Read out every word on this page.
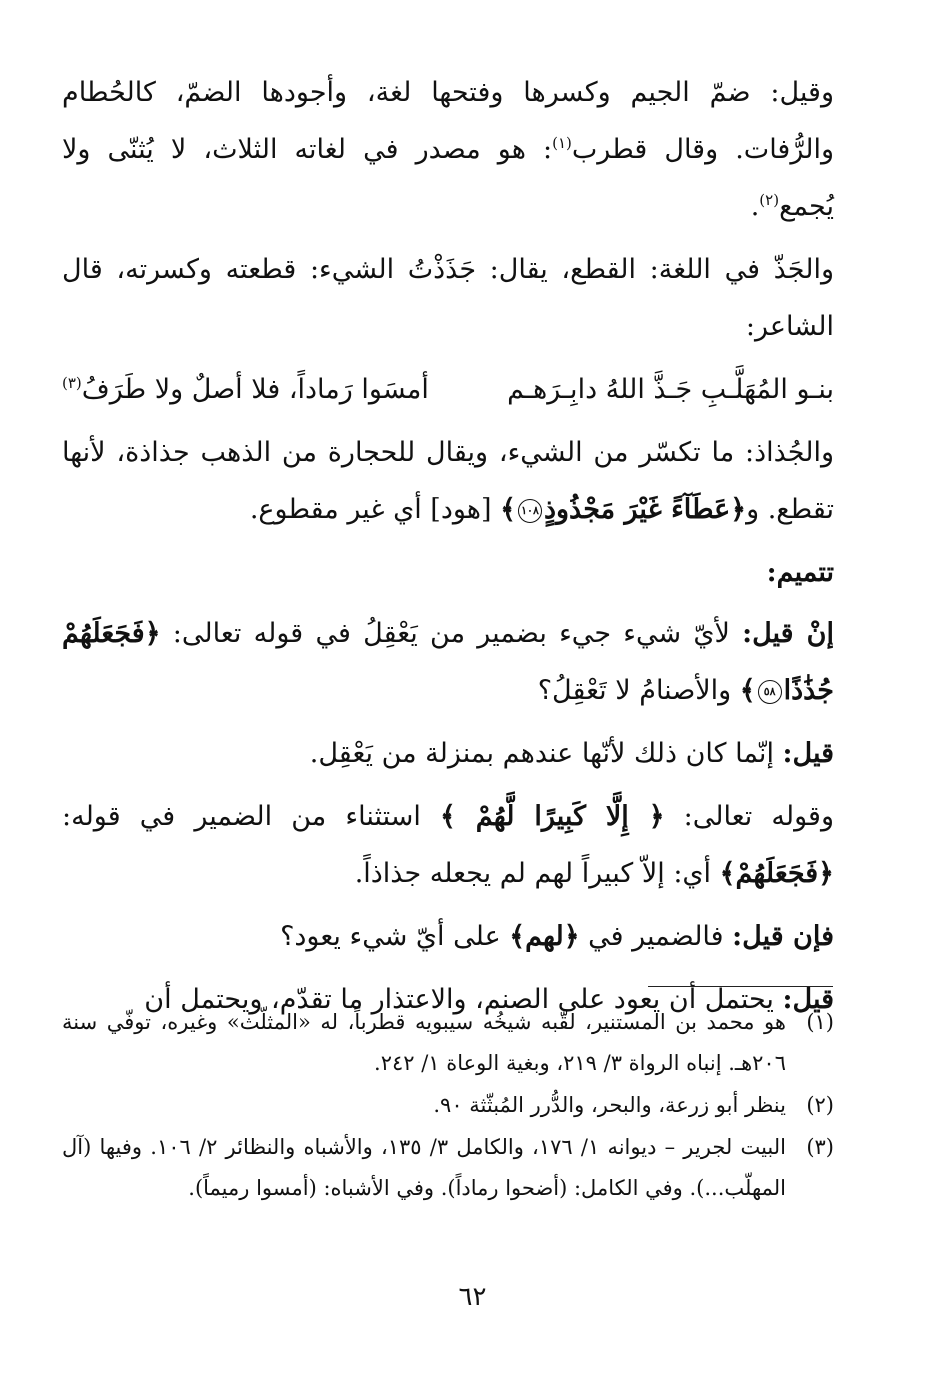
وقيل: ضمّ الجيم وكسرها وفتحها لغة، وأجودها الضمّ، كالحُطام والرُّفات. وقال قطرب$^{(١)}$: هو مصدر في لغاته الثلاث، لا يُثنّى ولا يُجمع$^{(٢)}$.

والجَذّ في اللغة: القطع، يقال: جَذَذْتُ الشيء: قطعته وكسرته، قال الشاعر:

بنـو المُهَلَّـبِ جَـذَّ اللهُ دابِـرَهـم
أمسَوا رَماداً، فلا أصلٌ ولا طَرَفُ$^{(٣)}$

والجُذاذ: ما تكسّر من الشيء، ويقال للحجارة من الذهب جذاذة، لأنها تقطع. و﴿عَطَآءً غَيْرَ مَجْذُوذٍ١٠٨﴾ [هود] أي غير مقطوع.

تتميم:

إنْ قيل: لأيّ شيء جيء بضمير من يَعْقِلُ في قوله تعالى: ﴿فَجَعَلَهُمْ جُذَٰذًا٥٨﴾ والأصنامُ لا تَعْقِلُ؟

قيل: إنّما كان ذلك لأنّها عندهم بمنزلة من يَعْقِل.

وقوله تعالى: ﴿ إِلَّا كَبِيرًا لَّهُمْ ﴾ استثناء من الضمير في قوله: ﴿فَجَعَلَهُمْ﴾ أي: إلاّ كبيراً لهم لم يجعله جذاذاً.

فإن قيل: فالضمير في ﴿لهم﴾ على أيّ شيء يعود؟

قيل: يحتمل أن يعود على الصنم، والاعتذار ما تقدّم، ويحتمل أن

(١)
هو محمد بن المستنير، لقّبه شيخُه سيبويه قطرباً، له «المثلّث» وغيره، توفّي سنة ٢٠٦هـ. إنباه الرواة ٣/ ٢١٩، وبغية الوعاة ١/ ٢٤٢.
(٢)
ينظر أبو زرعة، والبحر، والدُّرر المُبثّثة ٩٠.
(٣)
البيت لجرير – ديوانه ١/ ١٧٦، والكامل ٣/ ١٣٥، والأشباه والنظائر ٢/ ١٠٦. وفيها (آل المهلّب...). وفي الكامل: (أضحوا رماداً). وفي الأشباه: (أمسوا رميماً).
٦٢
